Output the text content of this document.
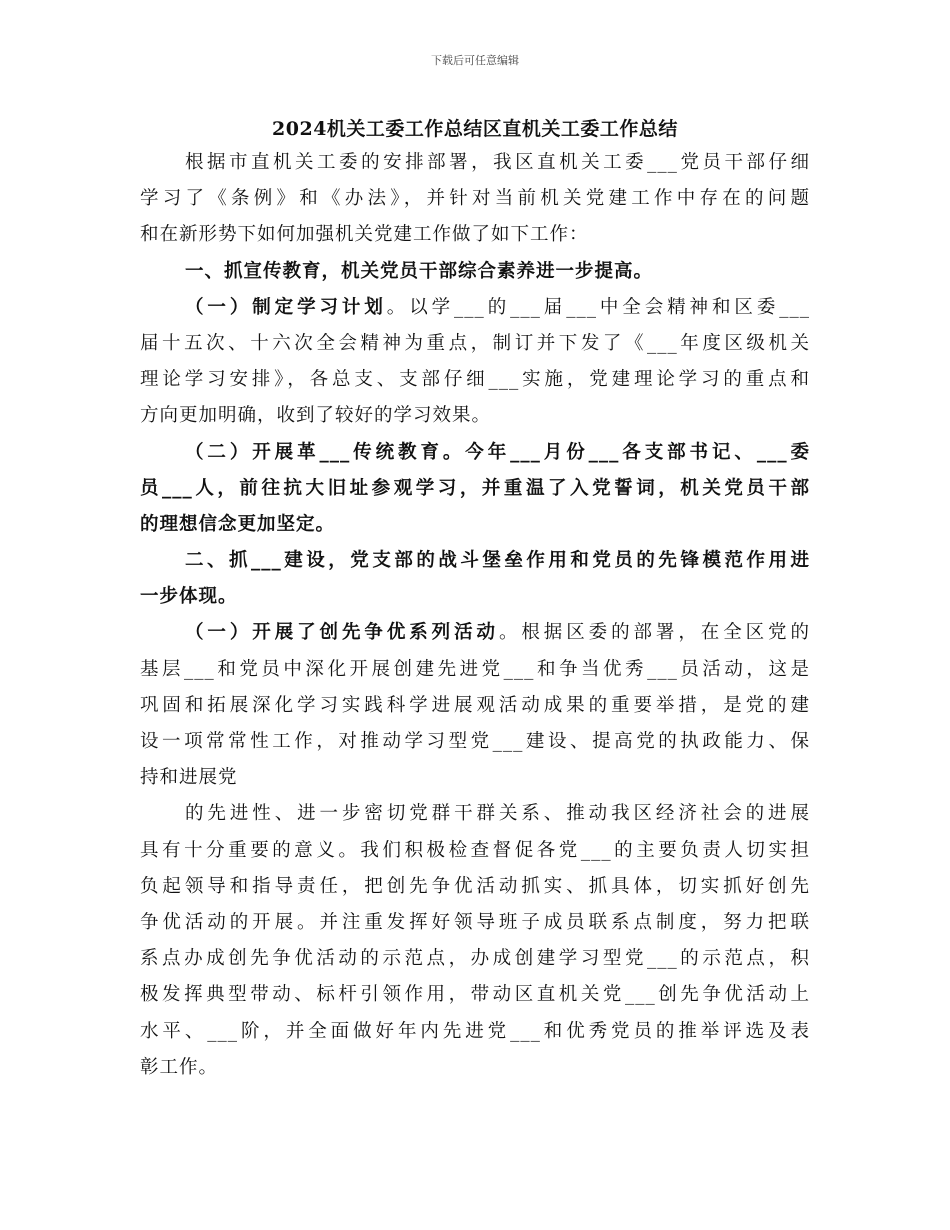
下载后可任意编辑
2024机关工委工作总结区直机关工委工作总结
根据市直机关工委的安排部署，我区直机关工委___党员干部仔细
学习了《条例》和《办法》，并针对当前机关党建工作中存在的问题
和在新形势下如何加强机关党建工作做了如下工作：
一、抓宣传教育，机关党员干部综合素养进一步提高。
（一）制定学习计划。以学___的___届___中全会精神和区委___
届十五次、十六次全会精神为重点，制订并下发了《___年度区级机关
理论学习安排》，各总支、支部仔细___实施，党建理论学习的重点和
方向更加明确，收到了较好的学习效果。
（二）开展革___传统教育。今年___月份___各支部书记、___委
员___人，前往抗大旧址参观学习，并重温了入党誓词，机关党员干部
的理想信念更加坚定。
二、抓___建设，党支部的战斗堡垒作用和党员的先锋模范作用进
一步体现。
（一）开展了创先争优系列活动。根据区委的部署，在全区党的
基层___和党员中深化开展创建先进党___和争当优秀___员活动，这是
巩固和拓展深化学习实践科学进展观活动成果的重要举措，是党的建
设一项常常性工作，对推动学习型党___建设、提高党的执政能力、保
持和进展党
的先进性、进一步密切党群干群关系、推动我区经济社会的进展
具有十分重要的意义。我们积极检查督促各党___的主要负责人切实担
负起领导和指导责任，把创先争优活动抓实、抓具体，切实抓好创先
争优活动的开展。并注重发挥好领导班子成员联系点制度，努力把联
系点办成创先争优活动的示范点，办成创建学习型党___的示范点，积
极发挥典型带动、标杆引领作用，带动区直机关党___创先争优活动上
水平、___阶，并全面做好年内先进党___和优秀党员的推举评选及表
彰工作。
